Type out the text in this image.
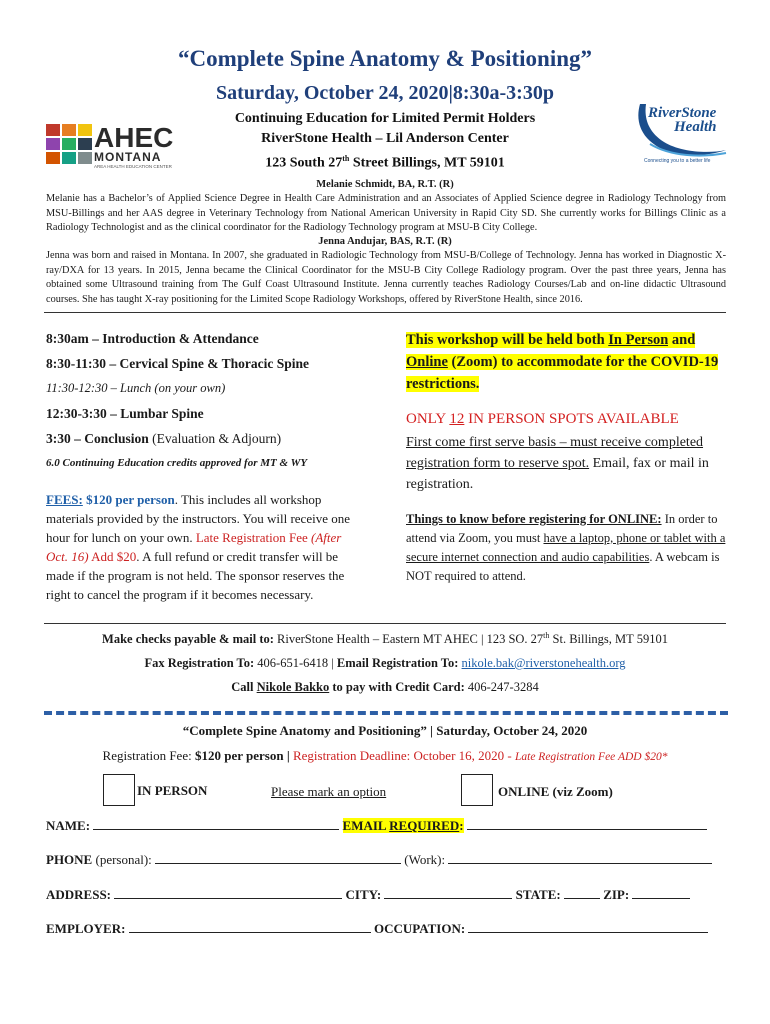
“Complete Spine Anatomy & Positioning”
Saturday, October 24, 2020|8:30a-3:30p
Continuing Education for Limited Permit Holders
RiverStone Health – Lil Anderson Center
123 South 27th Street Billings, MT 59101
AHEC
MONTANA
AREA HEALTH EDUCATION CENTER
RiverStone
Health
Connecting you to a better life
Melanie Schmidt, BA, R.T. (R)
Melanie has a Bachelor’s of Applied Science Degree in Health Care Administration and an Associates of Applied Science degree in Radiology Technology from MSU-Billings and her AAS degree in Veterinary Technology from National American University in Rapid City SD. She currently works for Billings Clinic as a Radiology Technologist and as the clinical coordinator for the Radiology Technology program at MSU-B City College.
Jenna Andujar, BAS, R.T. (R)
Jenna was born and raised in Montana. In 2007, she graduated in Radiologic Technology from MSU-B/College of Technology. Jenna has worked in Diagnostic X-ray/DXA for 13 years. In 2015, Jenna became the Clinical Coordinator for the MSU-B City College Radiology program. Over the past three years, Jenna has obtained some Ultrasound training from The Gulf Coast Ultrasound Institute. Jenna currently teaches Radiology Courses/Lab and on-line didactic Ultrasound courses. She has taught X-ray positioning for the Limited Scope Radiology Workshops, offered by RiverStone Health, since 2016.
8:30am – Introduction & Attendance
8:30-11:30 – Cervical Spine & Thoracic Spine
11:30-12:30 – Lunch (on your own)
12:30-3:30 – Lumbar Spine
3:30 – Conclusion (Evaluation & Adjourn)
6.0 Continuing Education credits approved for MT & WY
FEES: $120 per person. This includes all workshop materials provided by the instructors. You will receive one hour for lunch on your own. Late Registration Fee (After Oct. 16) Add $20. A full refund or credit transfer will be made if the program is not held. The sponsor reserves the right to cancel the program if it becomes necessary.
This workshop will be held both In Person and Online (Zoom) to accommodate for the COVID-19 restrictions.
ONLY 12 IN PERSON SPOTS AVAILABLE
First come first serve basis – must receive completed registration form to reserve spot. Email, fax or mail in registration.
Things to know before registering for ONLINE: In order to attend via Zoom, you must have a laptop, phone or tablet with a secure internet connection and audio capabilities. A webcam is NOT required to attend.
Make checks payable & mail to: RiverStone Health – Eastern MT AHEC | 123 SO. 27th St. Billings, MT 59101
Fax Registration To: 406-651-6418 | Email Registration To: nikole.bak@riverstonehealth.org
Call Nikole Bakko to pay with Credit Card: 406-247-3284
“Complete Spine Anatomy and Positioning” | Saturday, October 24, 2020
Registration Fee: $120 per person | Registration Deadline: October 16, 2020 - Late Registration Fee ADD $20*
IN PERSON	Please mark an option	ONLINE (viz Zoom)
NAME:	EMAIL REQUIRED:
PHONE (personal):	(Work):
ADDRESS:	CITY:	STATE:	ZIP:
EMPLOYER:	OCCUPATION:
